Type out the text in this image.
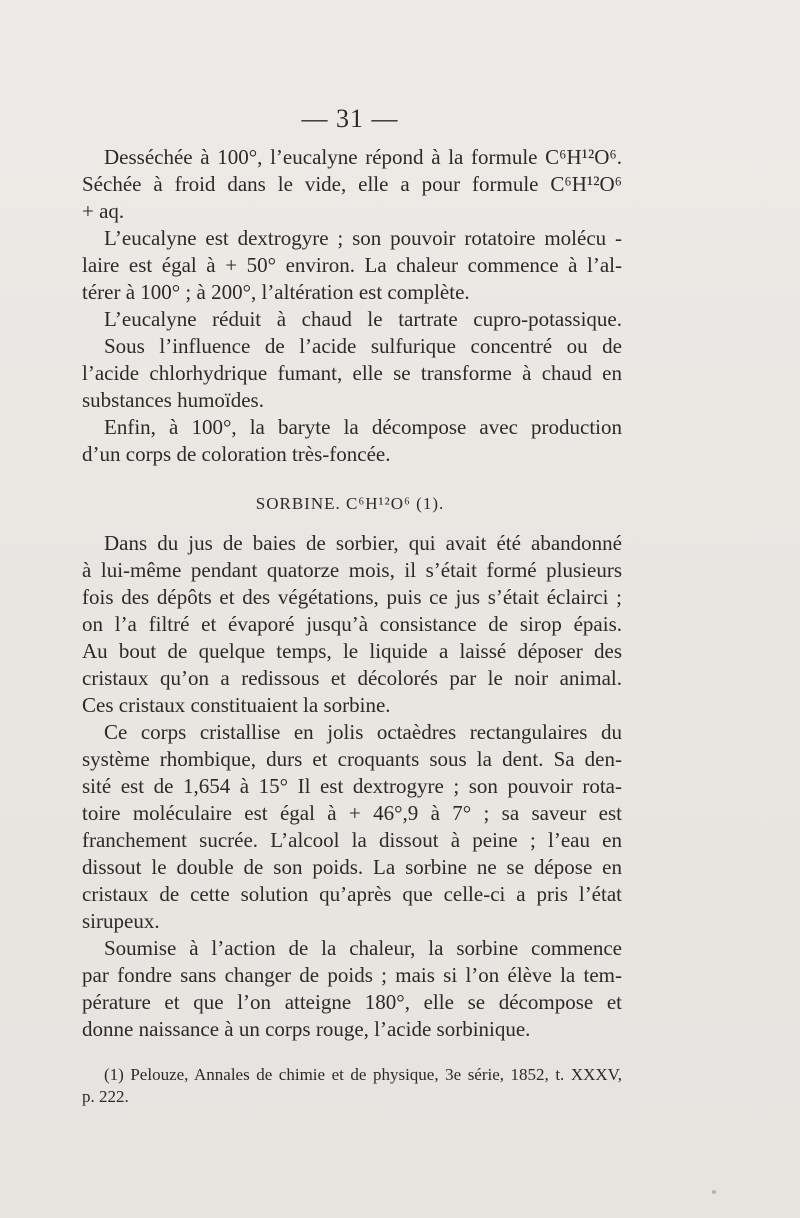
— 31 —
Desséchée à 100°, l’eucalyne répond à la formule C⁶H¹²O⁶.
Séchée à froid dans le vide, elle a pour formule C⁶H¹²O⁶
+ aq.
L’eucalyne est dextrogyre ; son pouvoir rotatoire molécu -
laire est égal à + 50° environ. La chaleur commence à l’al-
térer à 100° ; à 200°, l’altération est complète.
L’eucalyne réduit à chaud le tartrate cupro-potassique.
Sous l’influence de l’acide sulfurique concentré ou de
l’acide chlorhydrique fumant, elle se transforme à chaud en
substances humoïdes.
Enfin, à 100°, la baryte la décompose avec production
d’un corps de coloration très-foncée.
SORBINE. C⁶H¹²O⁶ (1).
Dans du jus de baies de sorbier, qui avait été abandonné
à lui-même pendant quatorze mois, il s’était formé plusieurs
fois des dépôts et des végétations, puis ce jus s’était éclairci ;
on l’a filtré et évaporé jusqu’à consistance de sirop épais.
Au bout de quelque temps, le liquide a laissé déposer des
cristaux qu’on a redissous et décolorés par le noir animal.
Ces cristaux constituaient la sorbine.
Ce corps cristallise en jolis octaèdres rectangulaires du
système rhombique, durs et croquants sous la dent. Sa den-
sité est de 1,654 à 15° Il est dextrogyre ; son pouvoir rota-
toire moléculaire est égal à + 46°,9 à 7° ; sa saveur est
franchement sucrée. L’alcool la dissout à peine ; l’eau en
dissout le double de son poids. La sorbine ne se dépose en
cristaux de cette solution qu’après que celle-ci a pris l’état
sirupeux.
Soumise à l’action de la chaleur, la sorbine commence
par fondre sans changer de poids ; mais si l’on élève la tem-
pérature et que l’on atteigne 180°, elle se décompose et
donne naissance à un corps rouge, l’acide sorbinique.
(1) Pelouze, Annales de chimie et de physique, 3e série, 1852, t. XXXV,
p. 222.
